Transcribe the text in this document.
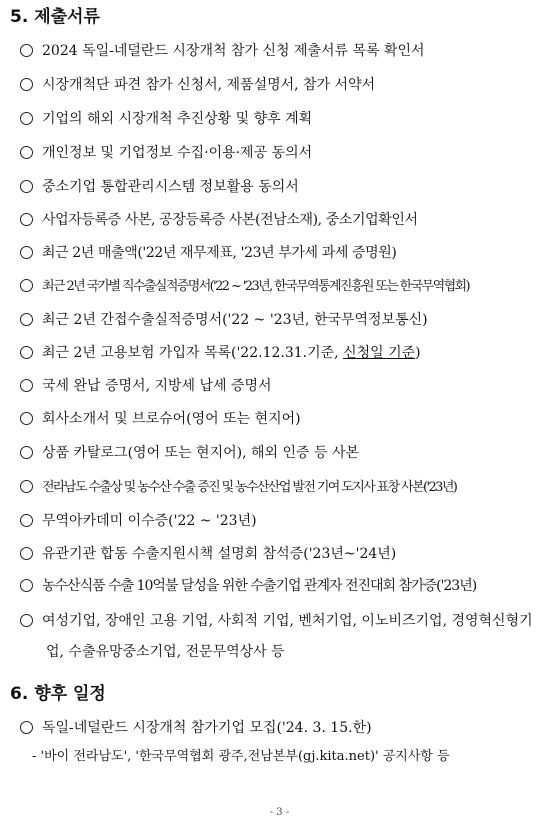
5. 제출서류
2024 독일-네덜란드 시장개척 참가 신청 제출서류 목록 확인서
시장개척단 파견 참가 신청서, 제품설명서, 참가 서약서
기업의 해외 시장개척 추진상황 및 향후 계획
개인정보 및 기업정보 수집·이용·제공 동의서
중소기업 통합관리시스템 정보활용 동의서
사업자등록증 사본, 공장등록증 사본(전남소재), 중소기업확인서
최근 2년 매출액('22년 재무제표, '23년 부가세 과세 증명원)
최근 2년 국가별 직수출실적증명서('22 ~ '23년, 한국무역통계진흥원 또는 한국무역협회)
최근 2년 간접수출실적증명서('22 ~ '23년, 한국무역정보통신)
최근 2년 고용보험 가입자 목록('22.12.31.기준, 신청일 기준)
국세 완납 증명서, 지방세 납세 증명서
회사소개서 및 브로슈어(영어 또는 현지어)
상품 카탈로그(영어 또는 현지어), 해외 인증 등 사본
전라남도 수출상 및 농수산 수출 증진 및 농수산산업 발전 기여 도지사 표창 사본('23년)
무역아카데미 이수증('22 ~ '23년)
유관기관 합동 수출지원시책 설명회 참석증('23년~'24년)
농수산식품 수출 10억불 달성을 위한 수출기업 관계자 전진대회 참가증('23년)
여성기업, 장애인 고용 기업, 사회적 기업, 벤처기업, 이노비즈기업, 경영혁신형기업, 수출유망중소기업, 전문무역상사 등
6. 향후 일정
독일-네덜란드 시장개척 참가기업 모집('24. 3. 15.한)
- '바이 전라남도', '한국무역협회 광주,전남본부(gj.kita.net)' 공지사항 등
- 3 -
